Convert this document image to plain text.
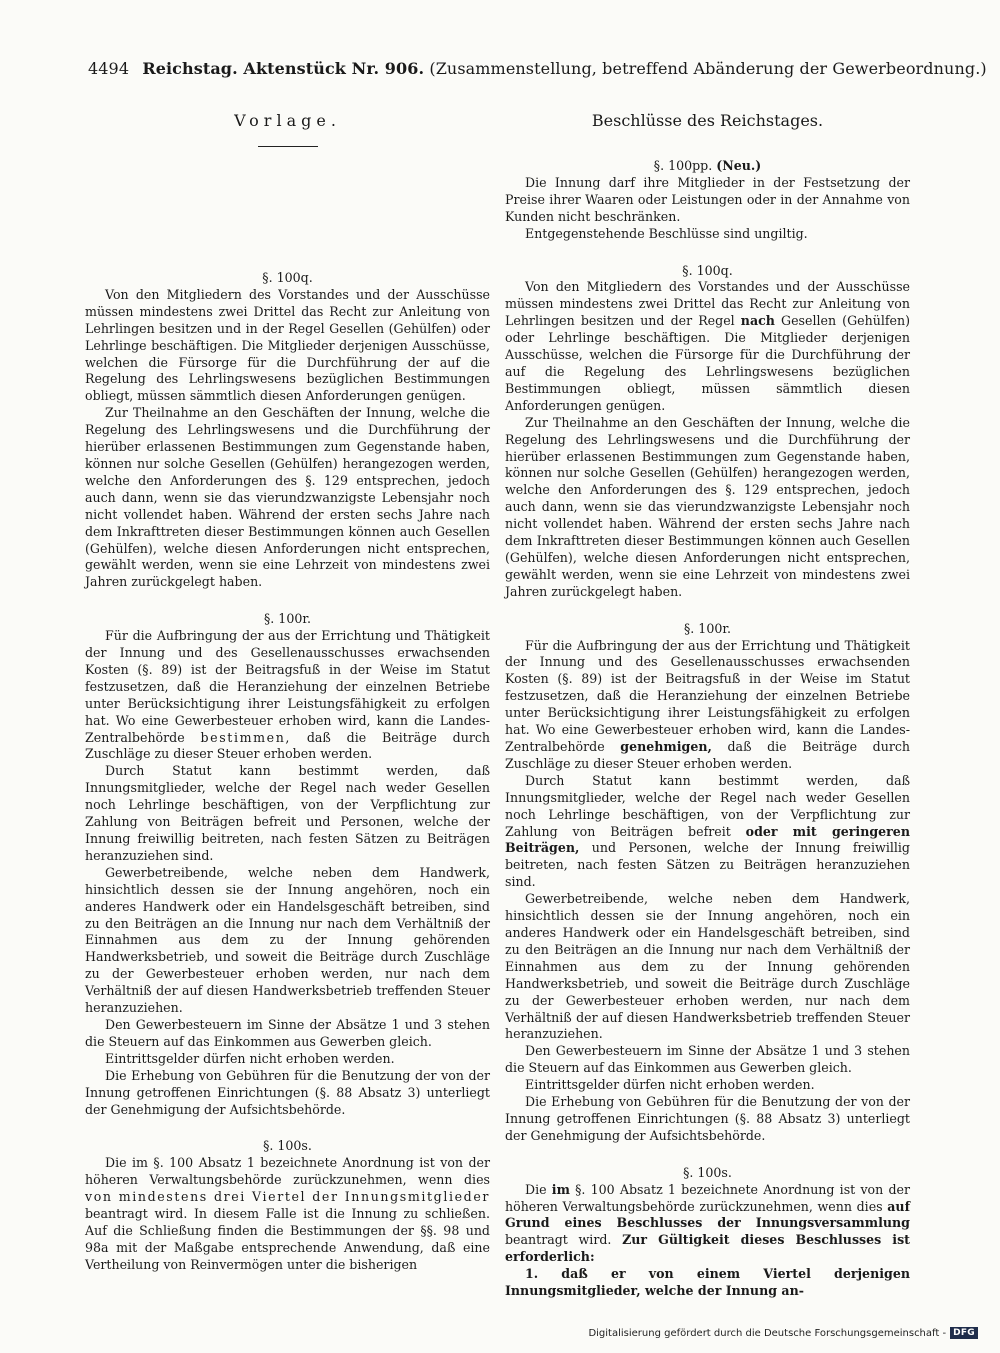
4494 Reichstag. Aktenstück Nr. 906. (Zusammenstellung, betreffend Abänderung der Gewerbeordnung.)
Vorlage.
§. 100q.

Von den Mitgliedern des Vorstandes und der Ausschüsse müssen mindestens zwei Drittel das Recht zur Anleitung von Lehrlingen besitzen und in der Regel Gesellen (Gehülfen) oder Lehrlinge beschäftigen. Die Mitglieder derjenigen Ausschüsse, welchen die Fürsorge für die Durchführung der auf die Regelung des Lehrlingswesens bezüglichen Bestimmungen obliegt, müssen sämmtlich diesen Anforderungen genügen.

Zur Theilnahme an den Geschäften der Innung, welche die Regelung des Lehrlingswesens und die Durchführung der hierüber erlassenen Bestimmungen zum Gegenstande haben, können nur solche Gesellen (Gehülfen) herangezogen werden, welche den Anforderungen des §. 129 entsprechen, jedoch auch dann, wenn sie das vierundzwanzigste Lebensjahr noch nicht vollendet haben. Während der ersten sechs Jahre nach dem Inkrafttreten dieser Bestimmungen können auch Gesellen (Gehülfen), welche diesen Anforderungen nicht entsprechen, gewählt werden, wenn sie eine Lehrzeit von mindestens zwei Jahren zurückgelegt haben.

§. 100r.

Für die Aufbringung der aus der Errichtung und Thätigkeit der Innung und des Gesellenausschusses erwachsenden Kosten (§. 89) ist der Beitragsfuß in der Weise im Statut festzusetzen, daß die Heranziehung der einzelnen Betriebe unter Berücksichtigung ihrer Leistungsfähigkeit zu erfolgen hat. Wo eine Gewerbesteuer erhoben wird, kann die Landes-Zentralbehörde bestimmen, daß die Beiträge durch Zuschläge zu dieser Steuer erhoben werden.

Durch Statut kann bestimmt werden, daß Innungsmitglieder, welche der Regel nach weder Gesellen noch Lehrlinge beschäftigen, von der Verpflichtung zur Zahlung von Beiträgen befreit und Personen, welche der Innung freiwillig beitreten, nach festen Sätzen zu Beiträgen heranzuziehen sind.

Gewerbetreibende, welche neben dem Handwerk, hinsichtlich dessen sie der Innung angehören, noch ein anderes Handwerk oder ein Handelsgeschäft betreiben, sind zu den Beiträgen an die Innung nur nach dem Verhältniß der Einnahmen aus dem zu der Innung gehörenden Handwerksbetrieb, und soweit die Beiträge durch Zuschläge zu der Gewerbesteuer erhoben werden, nur nach dem Verhältniß der auf diesen Handwerksbetrieb treffenden Steuer heranzuziehen.

Den Gewerbesteuern im Sinne der Absätze 1 und 3 stehen die Steuern auf das Einkommen aus Gewerben gleich.

Eintrittsgelder dürfen nicht erhoben werden.

Die Erhebung von Gebühren für die Benutzung der von der Innung getroffenen Einrichtungen (§. 88 Absatz 3) unterliegt der Genehmigung der Aufsichtsbehörde.

§. 100s.

Die im §. 100 Absatz 1 bezeichnete Anordnung ist von der höheren Verwaltungsbehörde zurückzunehmen, wenn dies von mindestens drei Viertel der Innungsmitglieder beantragt wird. In diesem Falle ist die Innung zu schließen. Auf die Schließung finden die Bestimmungen der §§. 98 und 98a mit der Maßgabe entsprechende Anwendung, daß eine Vertheilung von Reinvermögen unter die bisherigen

Beschlüsse des Reichstages.
§. 100pp. (Neu.)

Die Innung darf ihre Mitglieder in der Festsetzung der Preise ihrer Waaren oder Leistungen oder in der Annahme von Kunden nicht beschränken.

Entgegenstehende Beschlüsse sind ungiltig.

§. 100q.

Von den Mitgliedern des Vorstandes und der Ausschüsse müssen mindestens zwei Drittel das Recht zur Anleitung von Lehrlingen besitzen und der Regel nach Gesellen (Gehülfen) oder Lehrlinge beschäftigen. Die Mitglieder derjenigen Ausschüsse, welchen die Fürsorge für die Durchführung der auf die Regelung des Lehrlingswesens bezüglichen Bestimmungen obliegt, müssen sämmtlich diesen Anforderungen genügen.

Zur Theilnahme an den Geschäften der Innung, welche die Regelung des Lehrlingswesens und die Durchführung der hierüber erlassenen Bestimmungen zum Gegenstande haben, können nur solche Gesellen (Gehülfen) herangezogen werden, welche den Anforderungen des §. 129 entsprechen, jedoch auch dann, wenn sie das vierundzwanzigste Lebensjahr noch nicht vollendet haben. Während der ersten sechs Jahre nach dem Inkrafttreten dieser Bestimmungen können auch Gesellen (Gehülfen), welche diesen Anforderungen nicht entsprechen, gewählt werden, wenn sie eine Lehrzeit von mindestens zwei Jahren zurückgelegt haben.

§. 100r.

Für die Aufbringung der aus der Errichtung und Thätigkeit der Innung und des Gesellenausschusses erwachsenden Kosten (§. 89) ist der Beitragsfuß in der Weise im Statut festzusetzen, daß die Heranziehung der einzelnen Betriebe unter Berücksichtigung ihrer Leistungsfähigkeit zu erfolgen hat. Wo eine Gewerbesteuer erhoben wird, kann die Landes-Zentralbehörde genehmigen, daß die Beiträge durch Zuschläge zu dieser Steuer erhoben werden.

Durch Statut kann bestimmt werden, daß Innungsmitglieder, welche der Regel nach weder Gesellen noch Lehrlinge beschäftigen, von der Verpflichtung zur Zahlung von Beiträgen befreit oder mit geringeren Beiträgen, und Personen, welche der Innung freiwillig beitreten, nach festen Sätzen zu Beiträgen heranzuziehen sind.

Gewerbetreibende, welche neben dem Handwerk, hinsichtlich dessen sie der Innung angehören, noch ein anderes Handwerk oder ein Handelsgeschäft betreiben, sind zu den Beiträgen an die Innung nur nach dem Verhältniß der Einnahmen aus dem zu der Innung gehörenden Handwerksbetrieb, und soweit die Beiträge durch Zuschläge zu der Gewerbesteuer erhoben werden, nur nach dem Verhältniß der auf diesen Handwerksbetrieb treffenden Steuer heranzuziehen.

Den Gewerbesteuern im Sinne der Absätze 1 und 3 stehen die Steuern auf das Einkommen aus Gewerben gleich.

Eintrittsgelder dürfen nicht erhoben werden.

Die Erhebung von Gebühren für die Benutzung der von der Innung getroffenen Einrichtungen (§. 88 Absatz 3) unterliegt der Genehmigung der Aufsichtsbehörde.

§. 100s.

Die im §. 100 Absatz 1 bezeichnete Anordnung ist von der höheren Verwaltungsbehörde zurückzunehmen, wenn dies auf Grund eines Beschlusses der Innungsversammlung beantragt wird. Zur Gültigkeit dieses Beschlusses ist erforderlich:

1. daß er von einem Viertel derjenigen Innungsmitglieder, welche der Innung an-

Digitalisierung gefördert durch die Deutsche Forschungsgemeinschaft - DFG
